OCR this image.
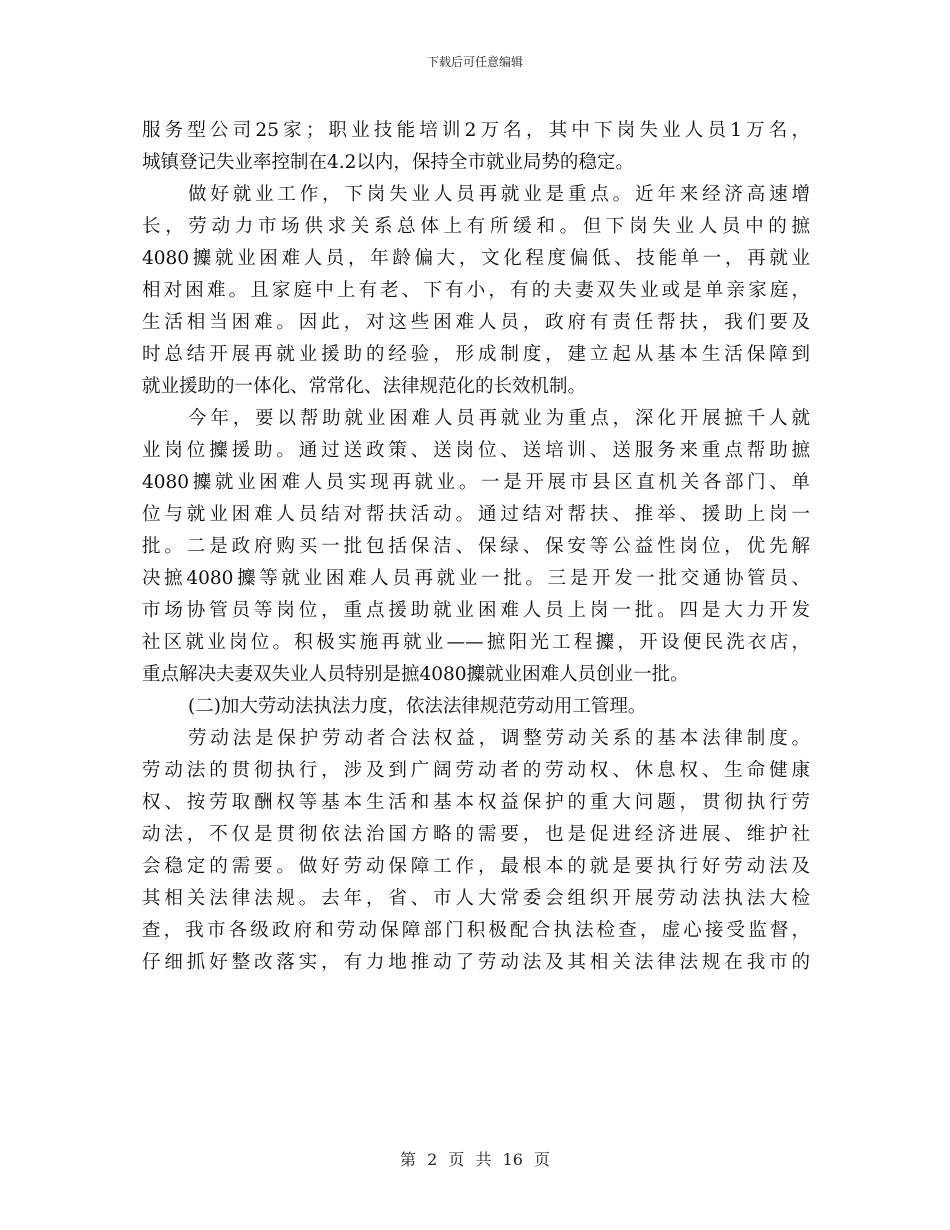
下载后可任意编辑
服务型公司25家；职业技能培训2万名，其中下岗失业人员1万名，
城镇登记失业率控制在4.2以内，保持全市就业局势的稳定。
做好就业工作，下岗失业人员再就业是重点。近年来经济高速增
长，劳动力市场供求关系总体上有所缓和。但下岗失业人员中的摭
4080攗就业困难人员，年龄偏大，文化程度偏低、技能单一，再就业
相对困难。且家庭中上有老、下有小，有的夫妻双失业或是单亲家庭，
生活相当困难。因此，对这些困难人员，政府有责任帮扶，我们要及
时总结开展再就业援助的经验，形成制度，建立起从基本生活保障到
就业援助的一体化、常常化、法律规范化的长效机制。
今年，要以帮助就业困难人员再就业为重点，深化开展摭千人就
业岗位攗援助。通过送政策、送岗位、送培训、送服务来重点帮助摭
4080攗就业困难人员实现再就业。一是开展市县区直机关各部门、单
位与就业困难人员结对帮扶活动。通过结对帮扶、推举、援助上岗一
批。二是政府购买一批包括保洁、保绿、保安等公益性岗位，优先解
决摭4080攗等就业困难人员再就业一批。三是开发一批交通协管员、
市场协管员等岗位，重点援助就业困难人员上岗一批。四是大力开发
社区就业岗位。积极实施再就业——摭阳光工程攗，开设便民洗衣店，
重点解决夫妻双失业人员特别是摭4080攗就业困难人员创业一批。
(二)加大劳动法执法力度，依法法律规范劳动用工管理。
劳动法是保护劳动者合法权益，调整劳动关系的基本法律制度。
劳动法的贯彻执行，涉及到广阔劳动者的劳动权、休息权、生命健康
权、按劳取酬权等基本生活和基本权益保护的重大问题，贯彻执行劳
动法，不仅是贯彻依法治国方略的需要，也是促进经济进展、维护社
会稳定的需要。做好劳动保障工作，最根本的就是要执行好劳动法及
其相关法律法规。去年，省、市人大常委会组织开展劳动法执法大检
查，我市各级政府和劳动保障部门积极配合执法检查，虚心接受监督，
仔细抓好整改落实，有力地推动了劳动法及其相关法律法规在我市的
第 2 页 共 16 页
